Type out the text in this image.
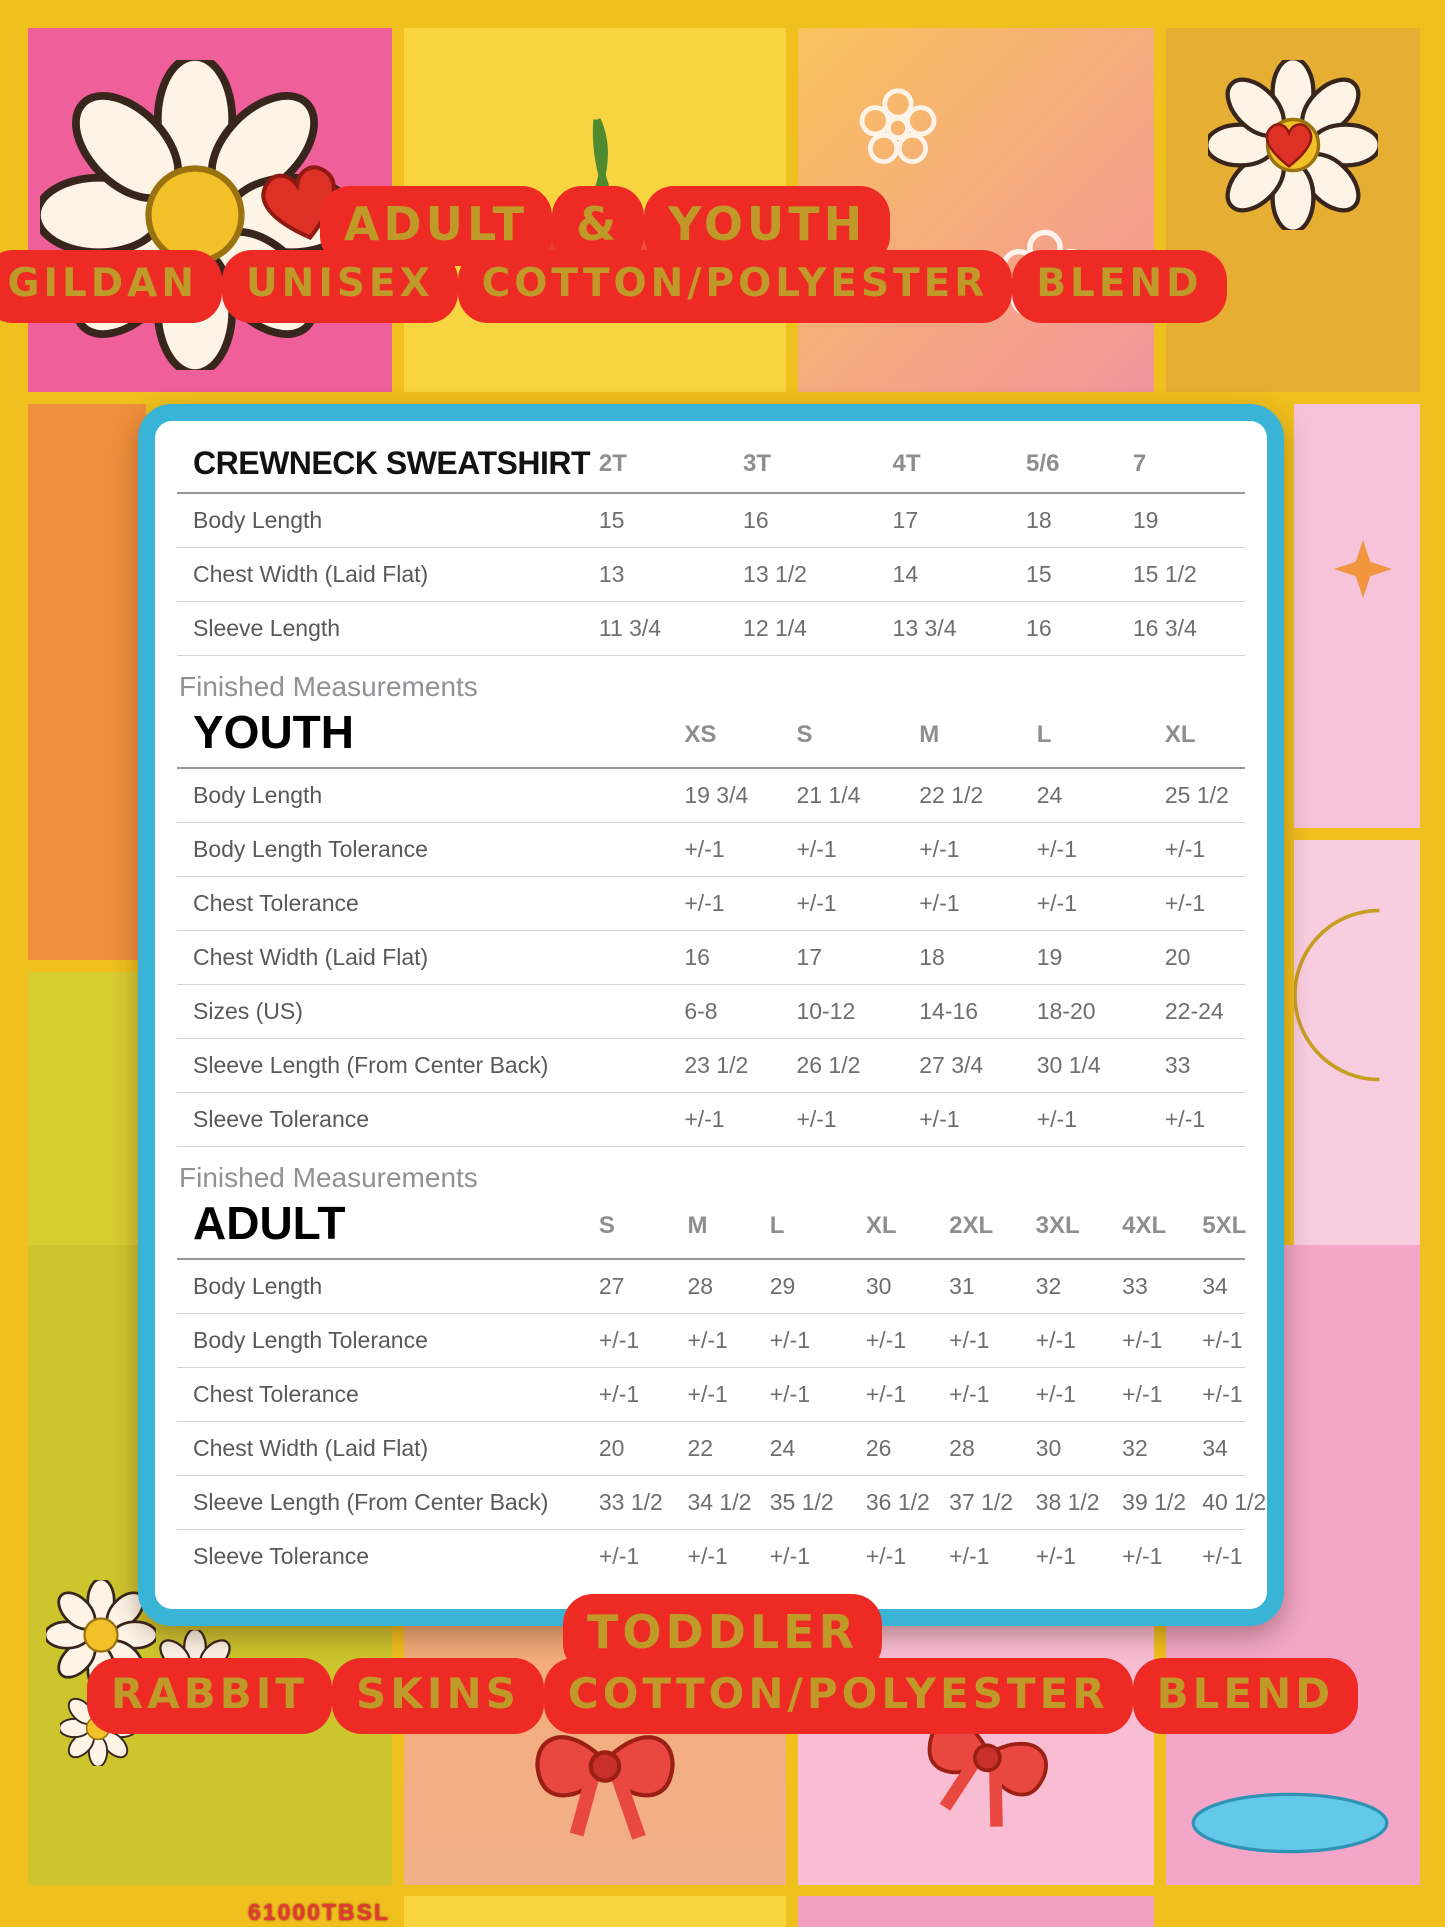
ADULT	&	YOUTH
GILDAN	UNISEX	COTTON/POLYESTER	BLEND
CREWNECK SWEATSHIRT	2T	3T	4T	5/6	7
Body Length	15	16	17	18	19
Chest Width (Laid Flat)	13	13 1/2	14	15	15 1/2
Sleeve Length	11 3/4	12 1/4	13 3/4	16	16 3/4
Finished Measurements
YOUTH	XS	S	M	L	XL
Body Length	19 3/4	21 1/4	22 1/2	24	25 1/2
Body Length Tolerance	+/-1	+/-1	+/-1	+/-1	+/-1
Chest Tolerance	+/-1	+/-1	+/-1	+/-1	+/-1
Chest Width (Laid Flat)	16	17	18	19	20
Sizes (US)	6-8	10-12	14-16	18-20	22-24
Sleeve Length (From Center Back)	23 1/2	26 1/2	27 3/4	30 1/4	33
Sleeve Tolerance	+/-1	+/-1	+/-1	+/-1	+/-1
Finished Measurements
ADULT	S	M	L	XL	2XL	3XL	4XL	5XL
Body Length	27	28	29	30	31	32	33	34
Body Length Tolerance	+/-1	+/-1	+/-1	+/-1	+/-1	+/-1	+/-1	+/-1
Chest Tolerance	+/-1	+/-1	+/-1	+/-1	+/-1	+/-1	+/-1	+/-1
Chest Width (Laid Flat)	20	22	24	26	28	30	32	34
Sleeve Length (From Center Back)	33 1/2	34 1/2	35 1/2	36 1/2	37 1/2	38 1/2	39 1/2	40 1/2
Sleeve Tolerance	+/-1	+/-1	+/-1	+/-1	+/-1	+/-1	+/-1	+/-1
TODDLER
RABBIT	SKINS	COTTON/POLYESTER	BLEND
61000TBSL
